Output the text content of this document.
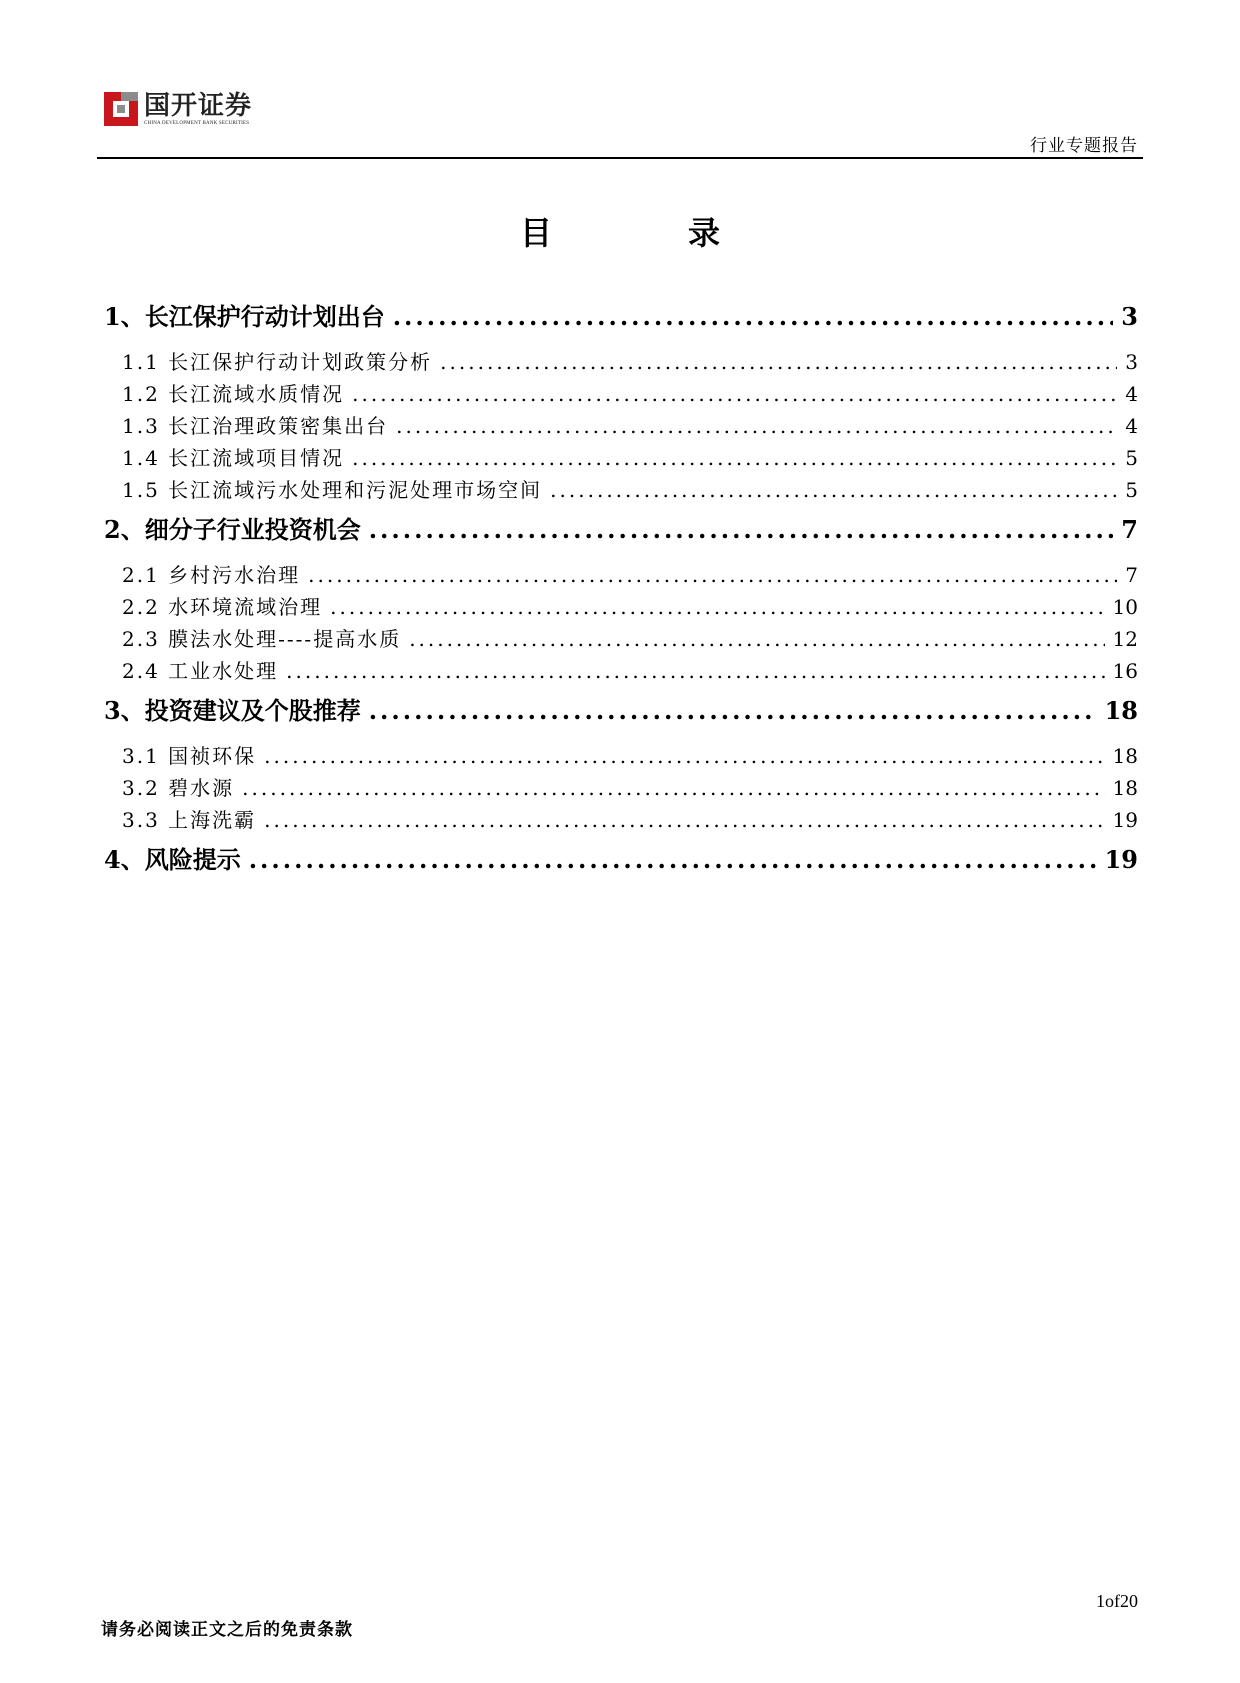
国开证券
CHINA DEVELOPMENT BANK SECURITIES
行业专题报告
目录
1、长江保护行动计划出台 .....	3
1.1 长江保护行动计划政策分析 .....	3
1.2 长江流域水质情况 .....	4
1.3 长江治理政策密集出台 .....	4
1.4 长江流域项目情况 .....	5
1.5 长江流域污水处理和污泥处理市场空间 .....	5
2、细分子行业投资机会 .....	7
2.1 乡村污水治理 .....	7
2.2 水环境流域治理 .....	10
2.3 膜法水处理----提高水质 .....	12
2.4 工业水处理 .....	16
3、投资建议及个股推荐 .....	18
3.1 国祯环保 .....	18
3.2 碧水源 .....	18
3.3 上海洗霸 .....	19
4、风险提示 .....	19
1of20
请务必阅读正文之后的免责条款
